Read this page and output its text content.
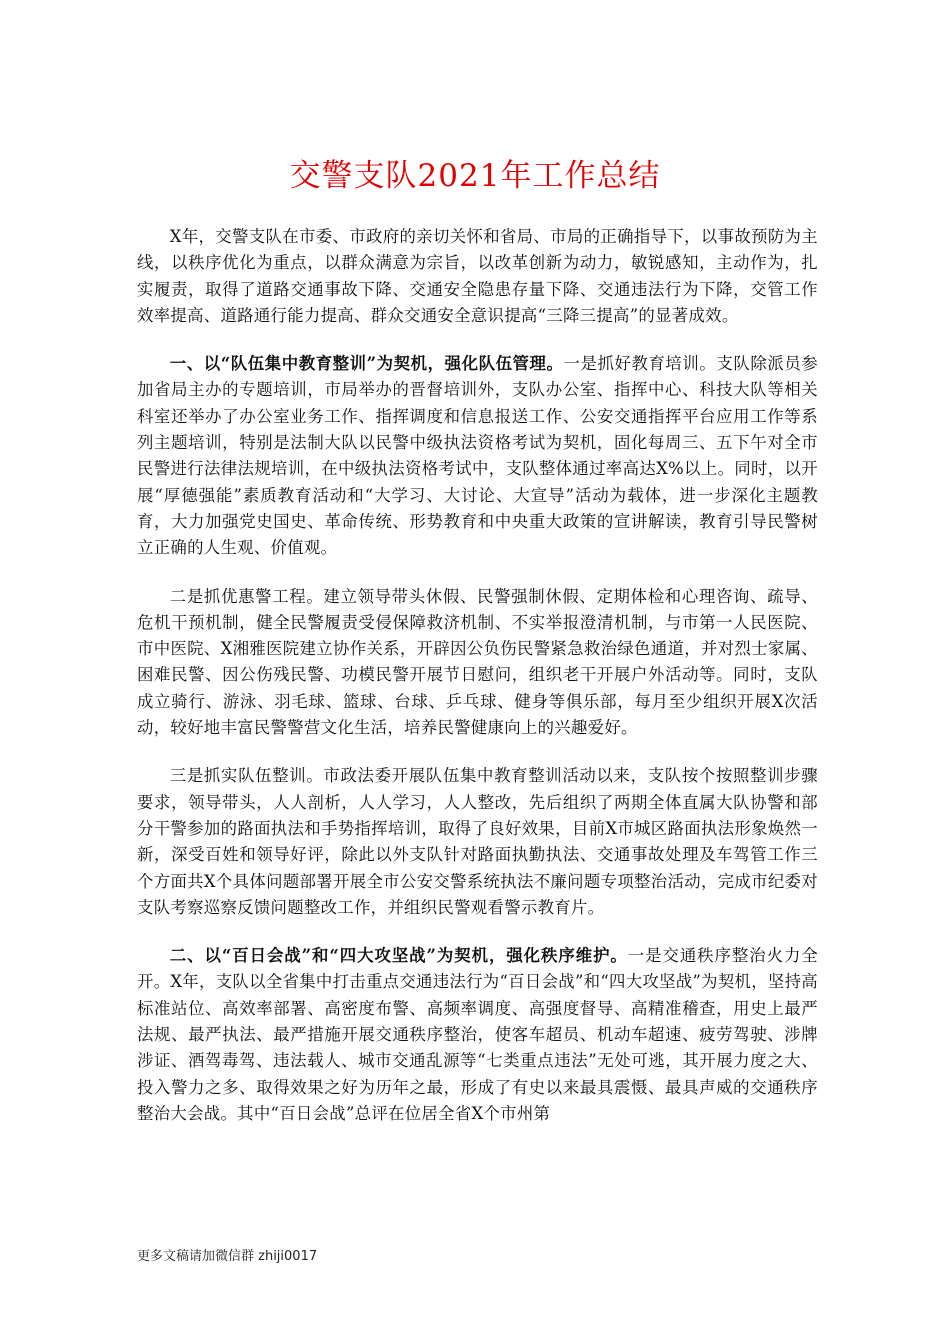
交警支队2021年工作总结

X年，交警支队在市委、市政府的亲切关怀和省局、市局的正确指导下，以事故预防为主线，以秩序优化为重点，以群众满意为宗旨，以改革创新为动力，敏锐感知，主动作为，扎实履责，取得了道路交通事故下降、交通安全隐患存量下降、交通违法行为下降，交管工作效率提高、道路通行能力提高、群众交通安全意识提高“三降三提高”的显著成效。

一、以“队伍集中教育整训”为契机，强化队伍管理。一是抓好教育培训。支队除派员参加省局主办的专题培训，市局举办的晋督培训外，支队办公室、指挥中心、科技大队等相关科室还举办了办公室业务工作、指挥调度和信息报送工作、公安交通指挥平台应用工作等系列主题培训，特别是法制大队以民警中级执法资格考试为契机，固化每周三、五下午对全市民警进行法律法规培训，在中级执法资格考试中，支队整体通过率高达X%以上。同时，以开展“厚德强能”素质教育活动和“大学习、大讨论、大宣导”活动为载体，进一步深化主题教育，大力加强党史国史、革命传统、形势教育和中央重大政策的宣讲解读，教育引导民警树立正确的人生观、价值观。

二是抓优惠警工程。建立领导带头休假、民警强制休假、定期体检和心理咨询、疏导、危机干预机制，健全民警履责受侵保障救济机制、不实举报澄清机制，与市第一人民医院、市中医院、X湘雅医院建立协作关系，开辟因公负伤民警紧急救治绿色通道，并对烈士家属、困难民警、因公伤残民警、功模民警开展节日慰问，组织老干开展户外活动等。同时，支队成立骑行、游泳、羽毛球、篮球、台球、乒乓球、健身等俱乐部，每月至少组织开展X次活动，较好地丰富民警警营文化生活，培养民警健康向上的兴趣爱好。

三是抓实队伍整训。市政法委开展队伍集中教育整训活动以来，支队按个按照整训步骤要求，领导带头，人人剖析，人人学习，人人整改，先后组织了两期全体直属大队协警和部分干警参加的路面执法和手势指挥培训，取得了良好效果，目前X市城区路面执法形象焕然一新，深受百姓和领导好评，除此以外支队针对路面执勤执法、交通事故处理及车驾管工作三个方面共X个具体问题部署开展全市公安交警系统执法不廉问题专项整治活动，完成市纪委对支队考察巡察反馈问题整改工作，并组织民警观看警示教育片。

二、以“百日会战”和“四大攻坚战”为契机，强化秩序维护。一是交通秩序整治火力全开。X年，支队以全省集中打击重点交通违法行为“百日会战”和“四大攻坚战”为契机，坚持高标准站位、高效率部署、高密度布警、高频率调度、高强度督导、高精准稽查，用史上最严法规、最严执法、最严措施开展交通秩序整治，使客车超员、机动车超速、疲劳驾驶、涉牌涉证、酒驾毒驾、违法载人、城市交通乱源等“七类重点违法”无处可逃，其开展力度之大、投入警力之多、取得效果之好为历年之最，形成了有史以来最具震慑、最具声威的交通秩序整治大会战。其中“百日会战”总评在位居全省X个市州第

更多文稿请加微信群 zhiji0017
